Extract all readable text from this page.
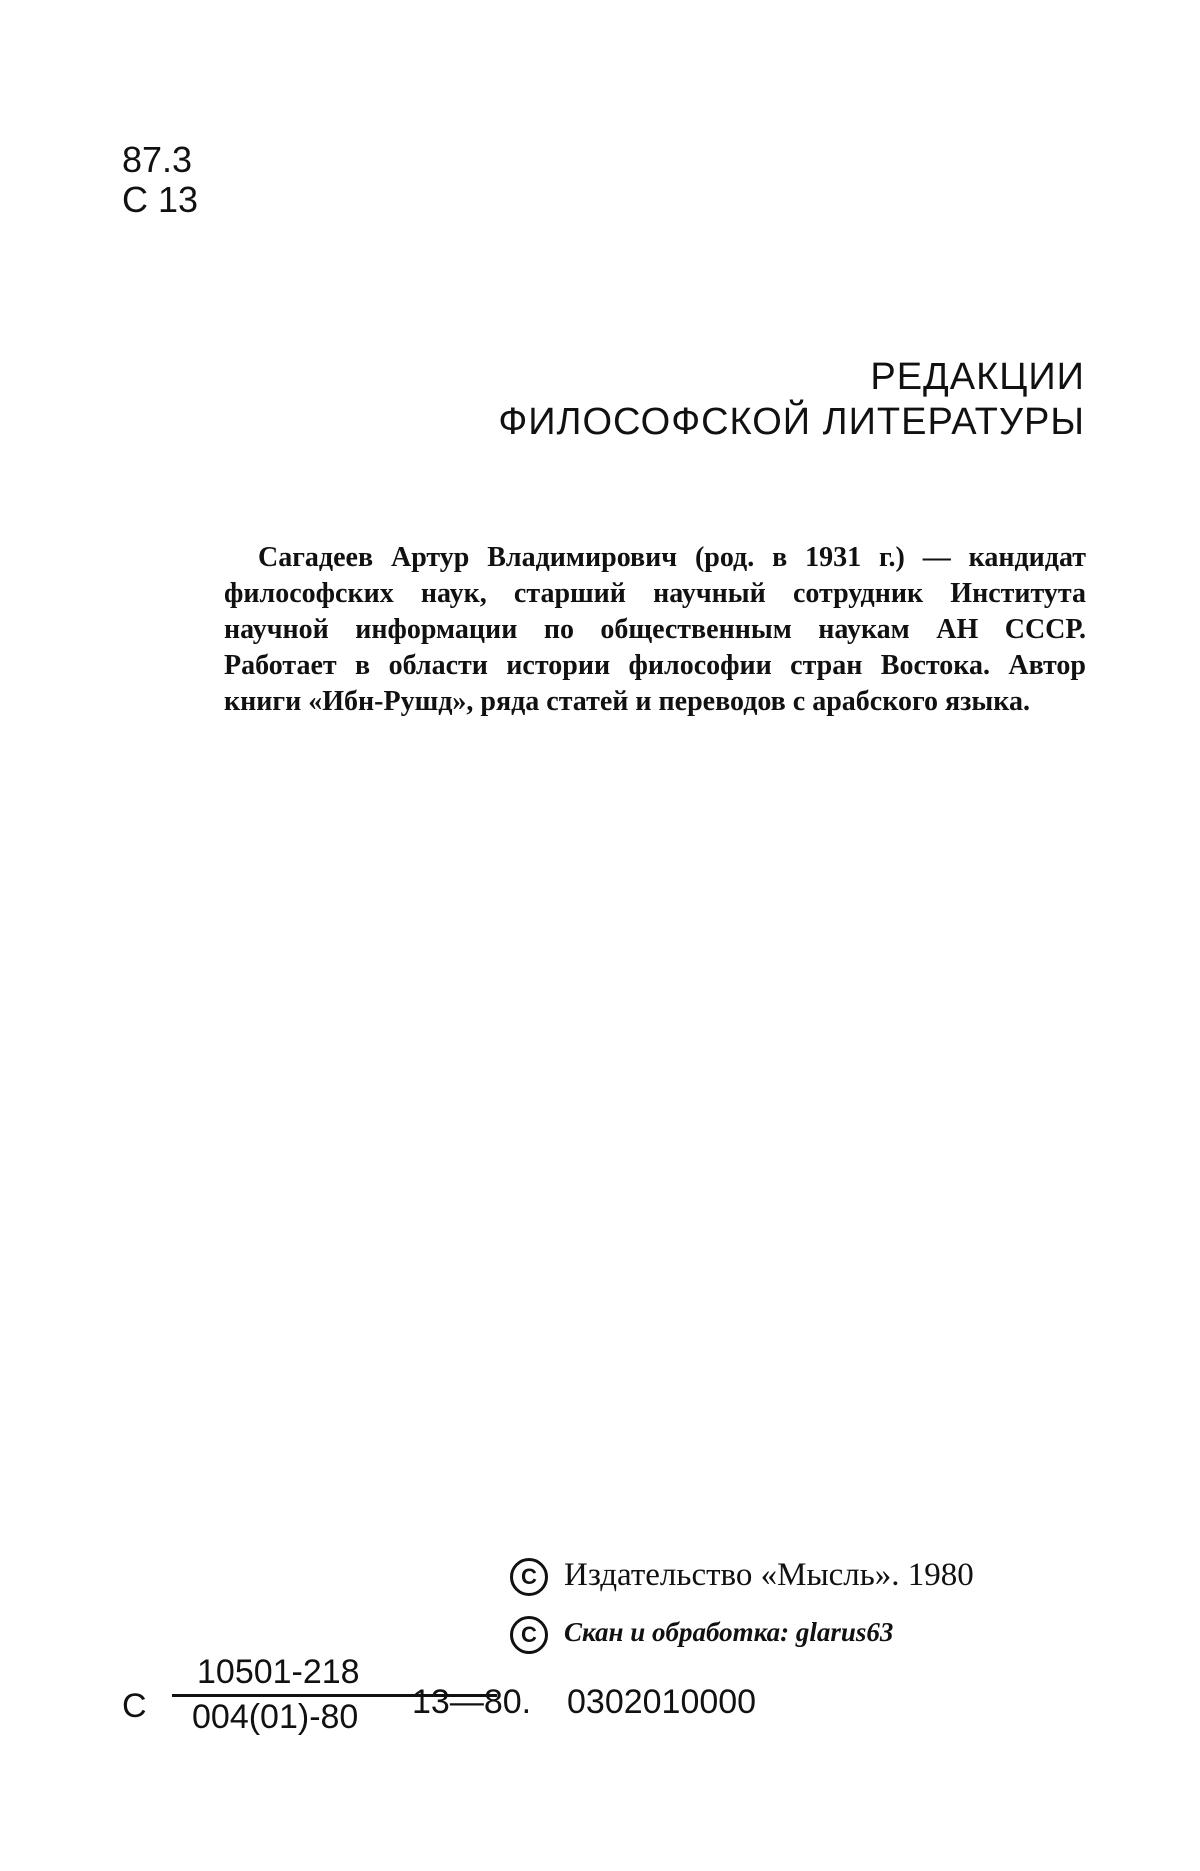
87.3
С 13
РЕДАКЦИИ
ФИЛОСОФСКОЙ ЛИТЕРАТУРЫ
Сагадеев Артур Владимирович (род. в 1931 г.) — кандидат философских наук, старший научный сотрудник Института научной информации по общественным наукам АН СССР. Работает в области истории философии стран Востока. Автор книги «Ибн-Рушд», ряда статей и переводов с арабского языка.
C Издательство «Мысль». 1980
C Скан и обработка: glarus63
С
10501-218
004(01)-80	13—80. 0302010000
